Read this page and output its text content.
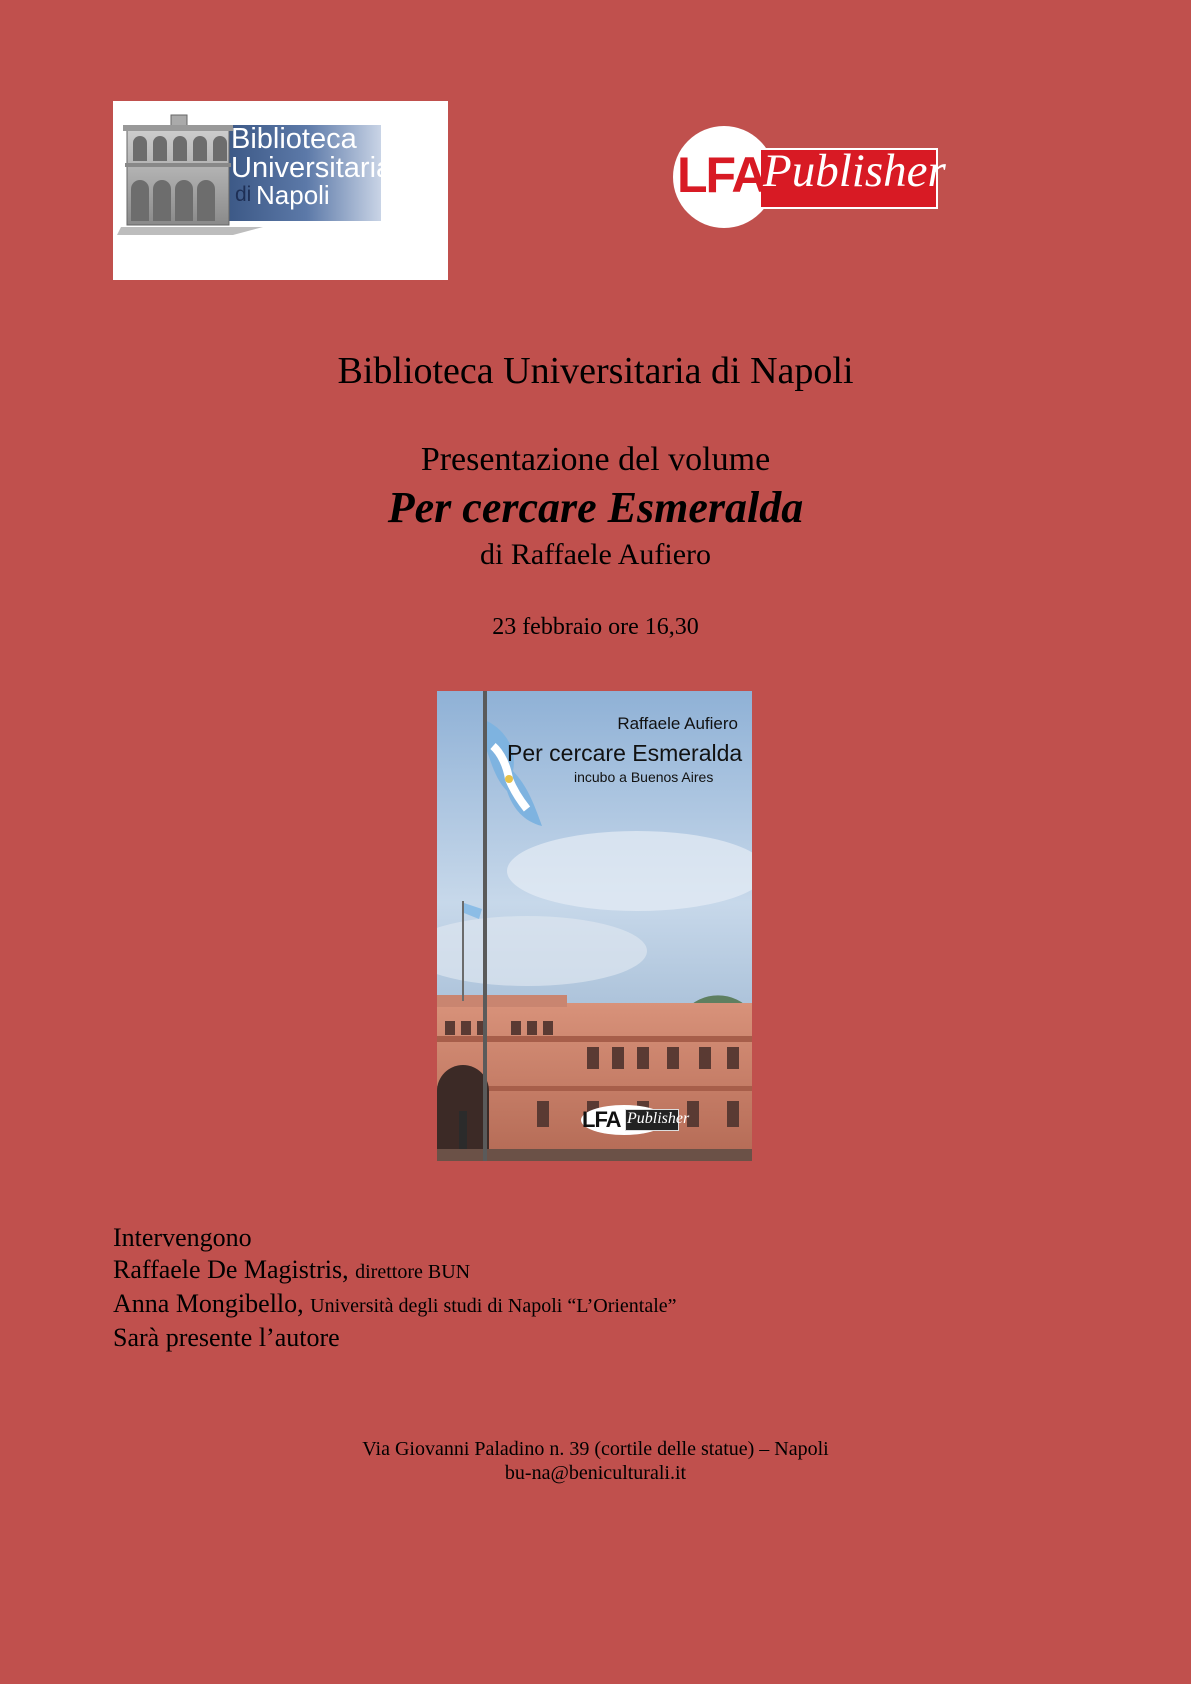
Biblioteca
Universitaria
di Napoli	LFA
Publisher
Biblioteca Universitaria di Napoli
Presentazione del volume
Per cercare Esmeralda
di Raffaele Aufiero
23 febbraio ore 16,30
Raffaele Aufiero
Per cercare Esmeralda
incubo a Buenos Aires
LFA Publisher
Intervengono
Raffaele De Magistris, direttore BUN
Anna Mongibello, Università degli studi di Napoli “L’Orientale”
Sarà presente l’autore
Via Giovanni Paladino n. 39 (cortile delle statue) – Napoli
bu-na@beniculturali.it
